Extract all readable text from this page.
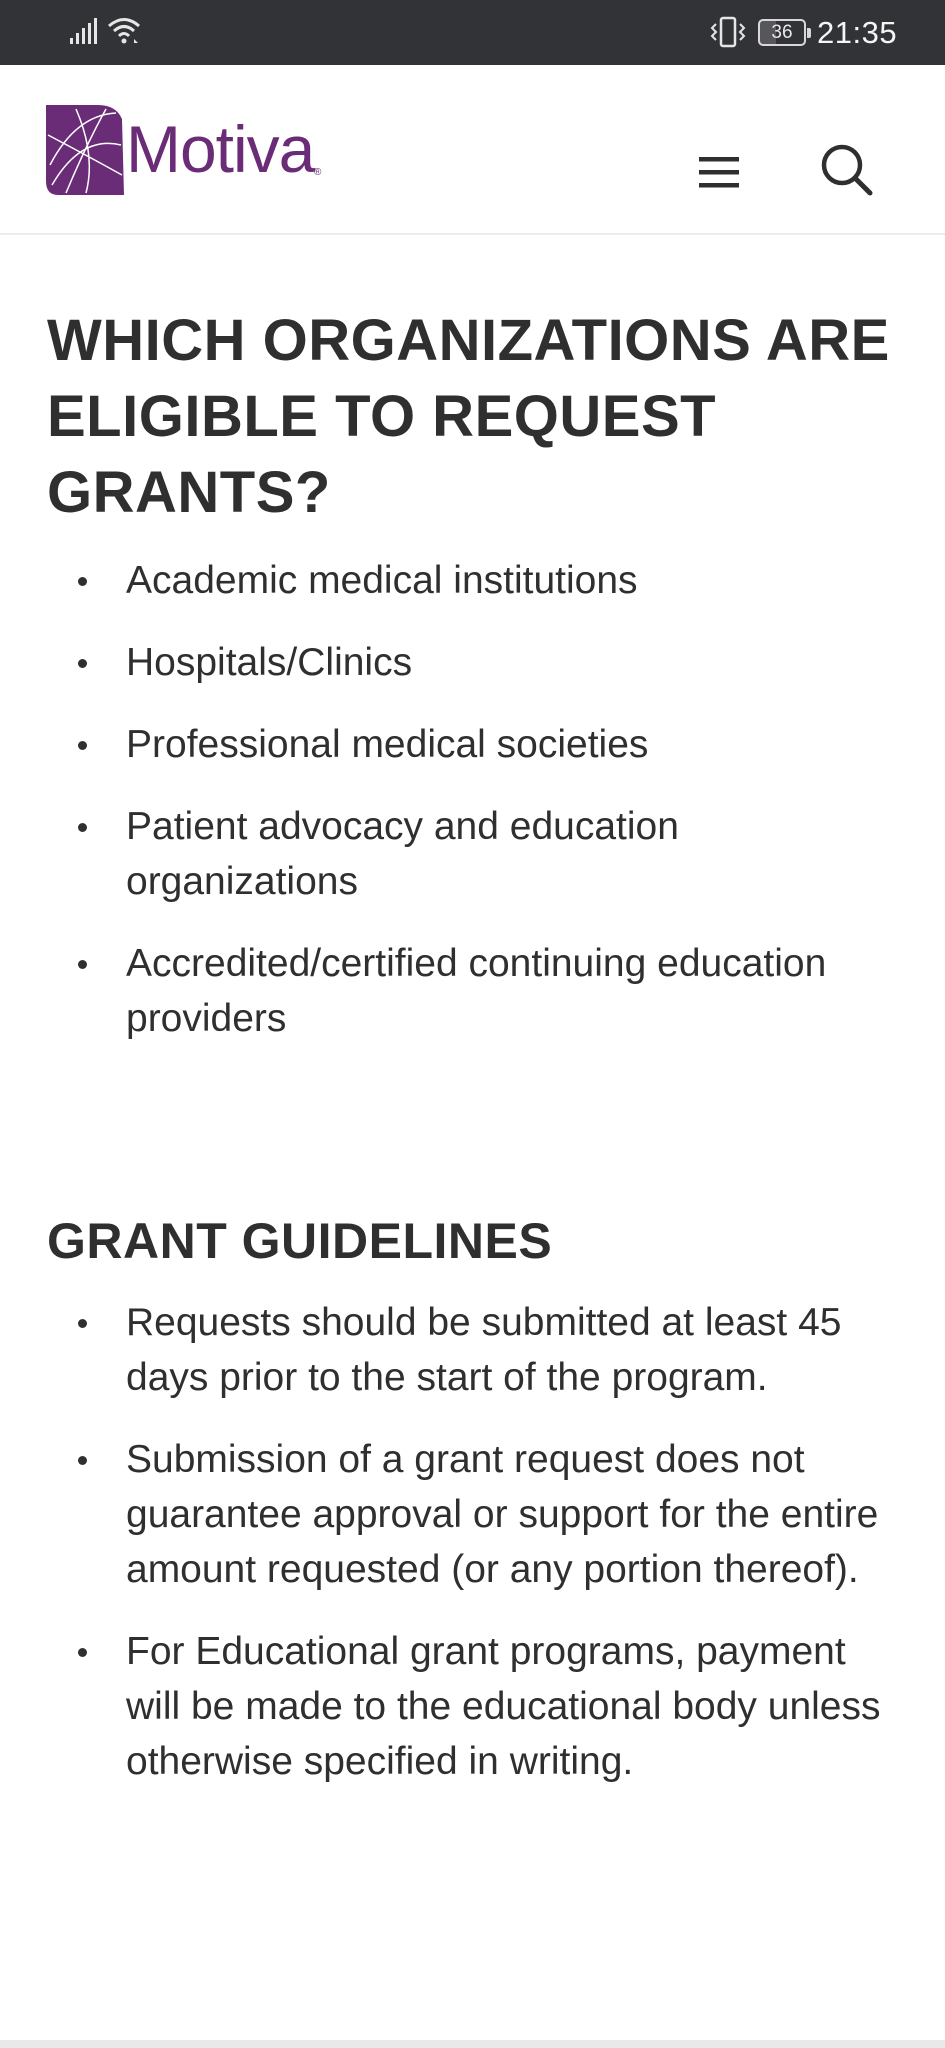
36 21:35
Motiva ®
WHICH ORGANIZATIONS ARE ELIGIBLE TO REQUEST GRANTS?
Academic medical institutions
Hospitals/Clinics
Professional medical societies
Patient advocacy and education organizations
Accredited/certified continuing education providers
GRANT GUIDELINES
Requests should be submitted at least 45 days prior to the start of the program.
Submission of a grant request does not guarantee approval or support for the entire amount requested (or any portion thereof).
For Educational grant programs, payment will be made to the educational body unless otherwise specified in writing.
